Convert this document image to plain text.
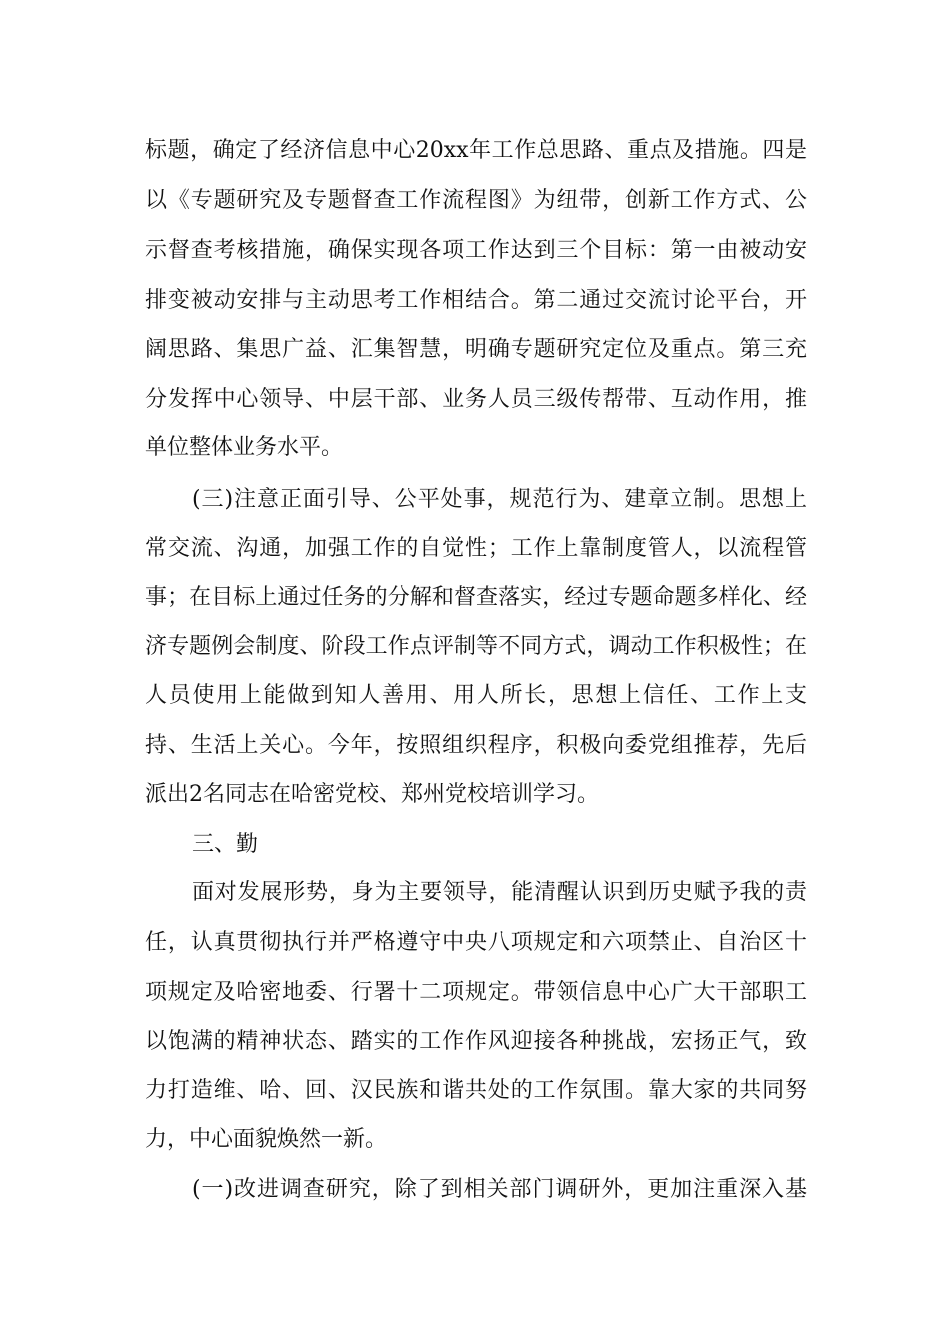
标题，确定了经济信息中心20xx年工作总思路、重点及措施。四是
以《专题研究及专题督查工作流程图》为纽带，创新工作方式、公
示督查考核措施，确保实现各项工作达到三个目标：第一由被动安
排变被动安排与主动思考工作相结合。第二通过交流讨论平台，开
阔思路、集思广益、汇集智慧，明确专题研究定位及重点。第三充
分发挥中心领导、中层干部、业务人员三级传帮带、互动作用，推
单位整体业务水平。
(三)注意正面引导、公平处事，规范行为、建章立制。思想上
常交流、沟通，加强工作的自觉性；工作上靠制度管人，以流程管
事；在目标上通过任务的分解和督查落实，经过专题命题多样化、经
济专题例会制度、阶段工作点评制等不同方式，调动工作积极性；在
人员使用上能做到知人善用、用人所长，思想上信任、工作上支
持、生活上关心。今年，按照组织程序，积极向委党组推荐，先后
派出2名同志在哈密党校、郑州党校培训学习。
三、勤
面对发展形势，身为主要领导，能清醒认识到历史赋予我的责
任，认真贯彻执行并严格遵守中央八项规定和六项禁止、自治区十
项规定及哈密地委、行署十二项规定。带领信息中心广大干部职工
以饱满的精神状态、踏实的工作作风迎接各种挑战，宏扬正气，致
力打造维、哈、回、汉民族和谐共处的工作氛围。靠大家的共同努
力，中心面貌焕然一新。
(一)改进调查研究，除了到相关部门调研外，更加注重深入基
